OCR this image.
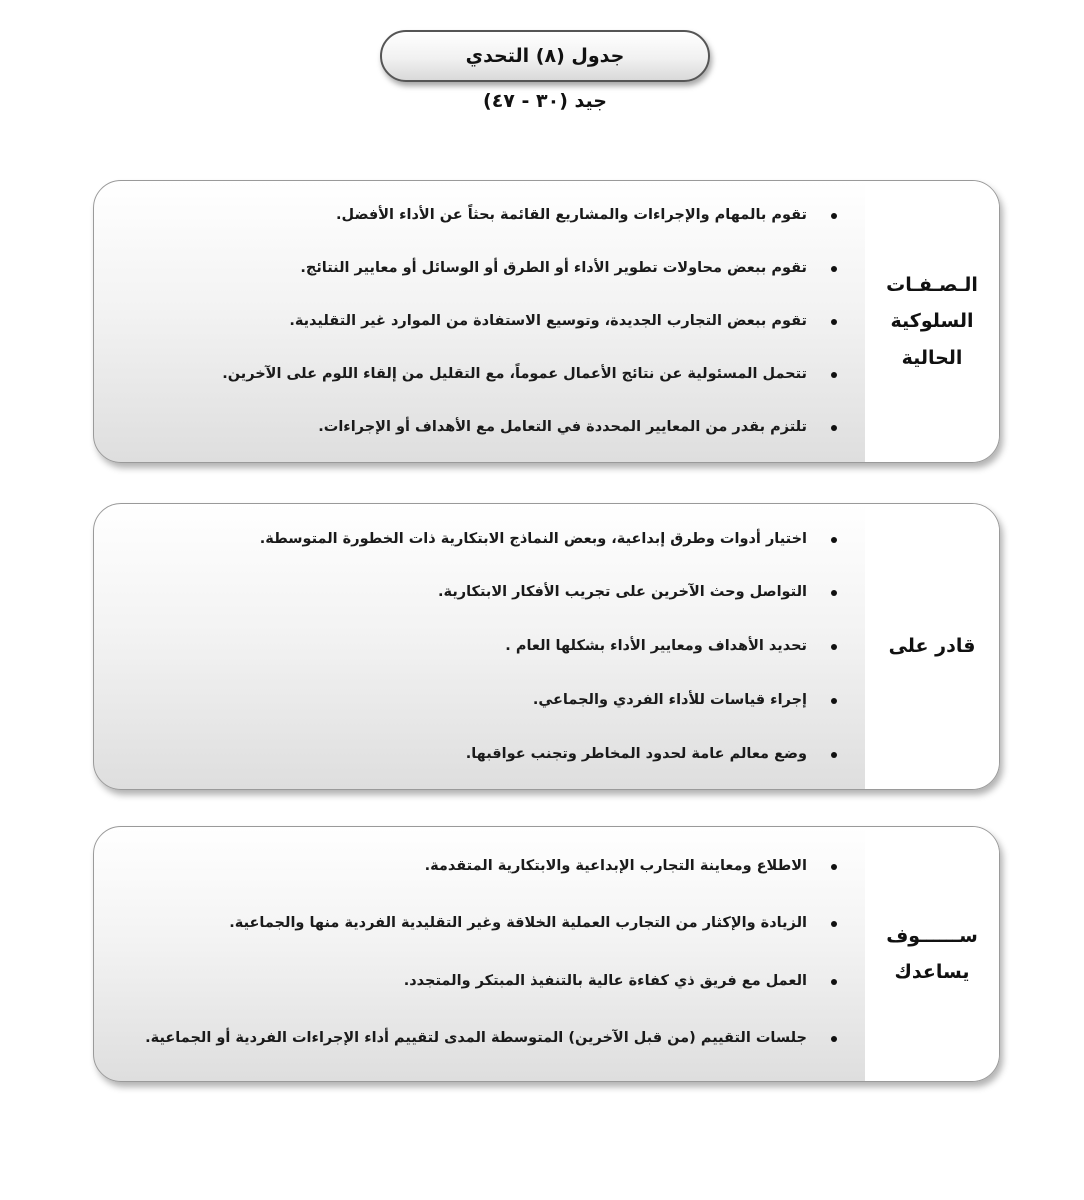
جدول (٨) التحدي
جيد (٣٠ - ٤٧)
الـصـفـات
السلوكية
الحالية
تقوم بالمهام والإجراءات والمشاريع القائمة بحثاً عن الأداء الأفضل.
تقوم ببعض محاولات تطوير الأداء أو الطرق أو الوسائل أو معايير النتائج.
تقوم ببعض التجارب الجديدة، وتوسيع الاستفادة من الموارد غير التقليدية.
تتحمل المسئولية عن نتائج الأعمال عموماً، مع التقليل من إلقاء اللوم على الآخرين.
تلتزم بقدر من المعايير المحددة في التعامل مع الأهداف أو الإجراءات.
قادر على
اختيار أدوات وطرق إبداعية، وبعض النماذج الابتكارية ذات الخطورة المتوسطة.
التواصل وحث الآخرين على تجريب الأفكار الابتكارية.
تحديد الأهداف ومعايير الأداء بشكلها العام .
إجراء قياسات للأداء الفردي والجماعي.
وضع معالم عامة لحدود المخاطر وتجنب عواقبها.
ســــــوف
يساعدك
الاطلاع ومعاينة التجارب الإبداعية والابتكارية المتقدمة.
الزيادة والإكثار من التجارب العملية الخلاقة وغير التقليدية الفردية منها والجماعية.
العمل مع فريق ذي كفاءة عالية بالتنفيذ المبتكر والمتجدد.
جلسات التقييم (من قبل الآخرين) المتوسطة المدى لتقييم أداء الإجراءات الفردية أو الجماعية.
